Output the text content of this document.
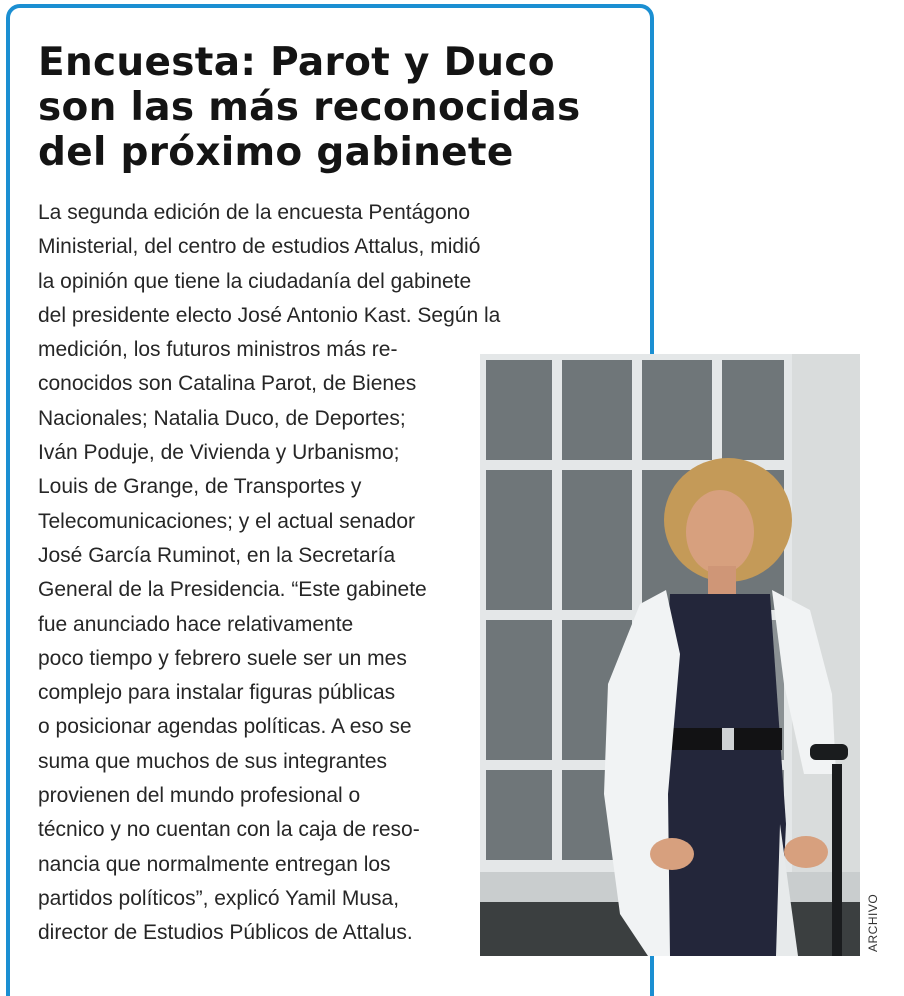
Encuesta: Parot y Duco
son las más reconocidas
del próximo gabinete
La segunda edición de la encuesta Pentágono
Ministerial, del centro de estudios Attalus, midió
la opinión que tiene la ciudadanía del gabinete
del presidente electo José Antonio Kast. Según la
medición, los futuros ministros más re-
conocidos son Catalina Parot, de Bienes
Nacionales; Natalia Duco, de Deportes;
Iván Poduje, de Vivienda y Urbanismo;
Louis de Grange, de Transportes y
Telecomunicaciones; y el actual senador
José García Ruminot, en la Secretaría
General de la Presidencia. “Este gabinete
fue anunciado hace relativamente
poco tiempo y febrero suele ser un mes
complejo para instalar figuras públicas
o posicionar agendas políticas. A eso se
suma que muchos de sus integrantes
provienen del mundo profesional o
técnico y no cuentan con la caja de reso-
nancia que normalmente entregan los
partidos políticos”, explicó Yamil Musa,
director de Estudios Públicos de Attalus.	ARCHIVO
